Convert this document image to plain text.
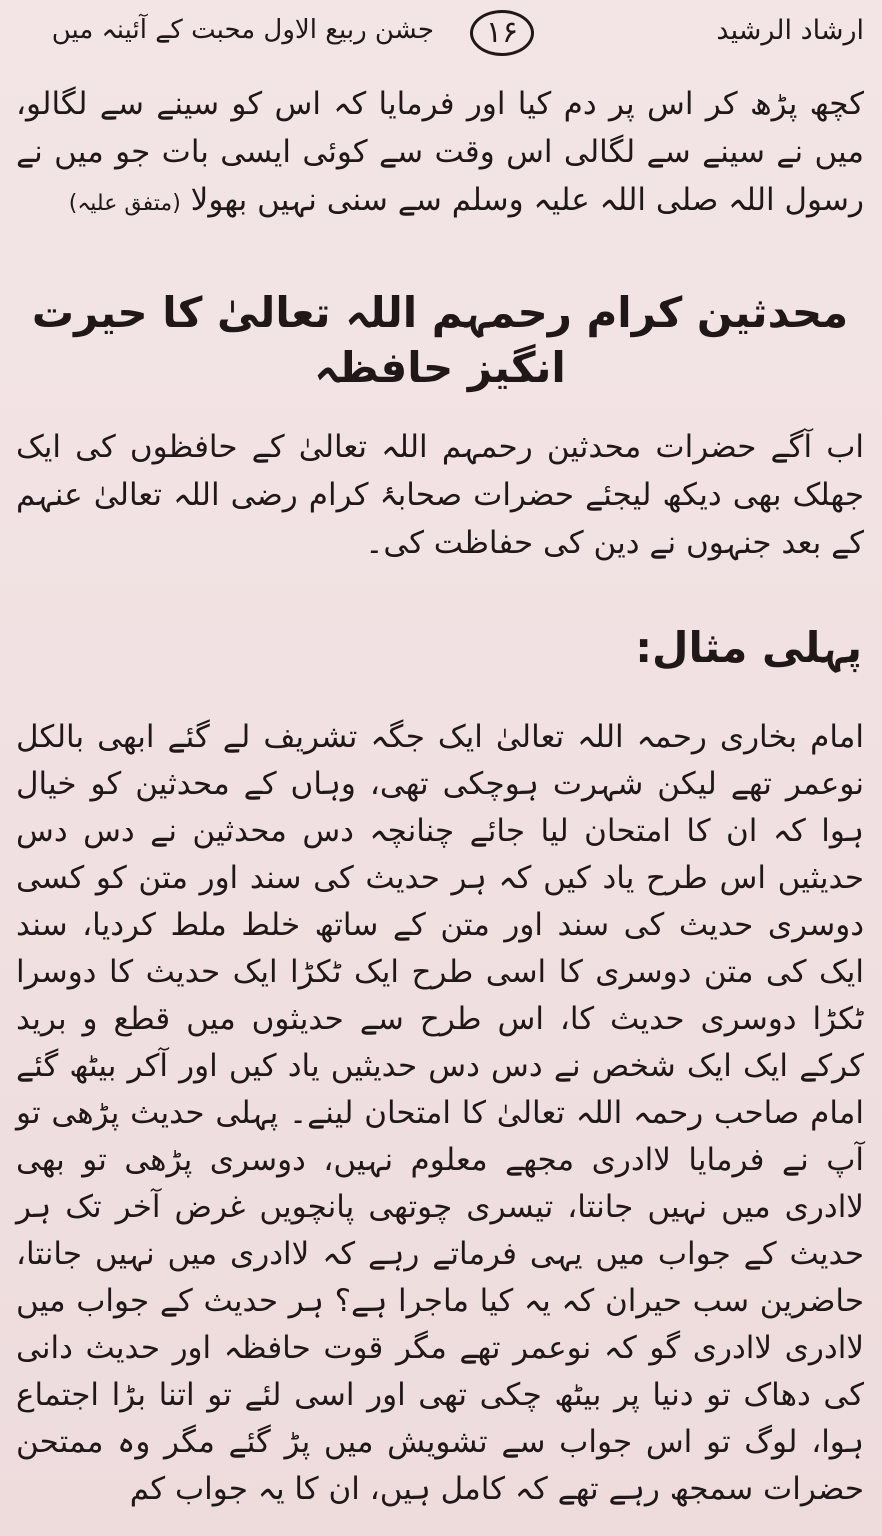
ارشاد الرشید
۱۶
جشن ربیع الاول محبت کے آئینہ میں

کچھ پڑھ کر اس پر دم کیا اور فرمایا کہ اس کو سینے سے لگالو، میں نے سینے سے لگالی اس وقت سے کوئی ایسی بات جو میں نے رسول اللہ صلی اللہ علیہ وسلم سے سنی نہیں بھولا (متفق علیہ)

محدثین کرام رحمہم اللہ تعالیٰ کا حیرت انگیز حافظہ

اب آگے حضرات محدثین رحمہم اللہ تعالیٰ کے حافظوں کی ایک جھلک بھی دیکھ لیجئے حضرات صحابۂ کرام رضی اللہ تعالیٰ عنہم کے بعد جنہوں نے دین کی حفاظت کی۔

پہلی مثال:

امام بخاری رحمہ اللہ تعالیٰ ایک جگہ تشریف لے گئے ابھی بالکل نوعمر تھے لیکن شہرت ہوچکی تھی، وہاں کے محدثین کو خیال ہوا کہ ان کا امتحان لیا جائے چنانچہ دس محدثین نے دس دس حدیثیں اس طرح یاد کیں کہ ہر حدیث کی سند اور متن کو کسی دوسری حدیث کی سند اور متن کے ساتھ خلط ملط کردیا، سند ایک کی متن دوسری کا اسی طرح ایک ٹکڑا ایک حدیث کا دوسرا ٹکڑا دوسری حدیث کا، اس طرح سے حدیثوں میں قطع و برید کرکے ایک ایک شخص نے دس دس حدیثیں یاد کیں اور آکر بیٹھ گئے امام صاحب رحمہ اللہ تعالیٰ کا امتحان لینے۔ پہلی حدیث پڑھی تو آپ نے فرمایا لاادری مجھے معلوم نہیں، دوسری پڑھی تو بھی لاادری میں نہیں جانتا، تیسری چوتھی پانچویں غرض آخر تک ہر حدیث کے جواب میں یہی فرماتے رہے کہ لاادری میں نہیں جانتا، حاضرین سب حیران کہ یہ کیا ماجرا ہے؟ ہر حدیث کے جواب میں لاادری لاادری گو کہ نوعمر تھے مگر قوت حافظہ اور حدیث دانی کی دھاک تو دنیا پر بیٹھ چکی تھی اور اسی لئے تو اتنا بڑا اجتماع ہوا، لوگ تو اس جواب سے تشویش میں پڑ گئے مگر وہ ممتحن حضرات سمجھ رہے تھے کہ کامل ہیں، ان کا یہ جواب کم
